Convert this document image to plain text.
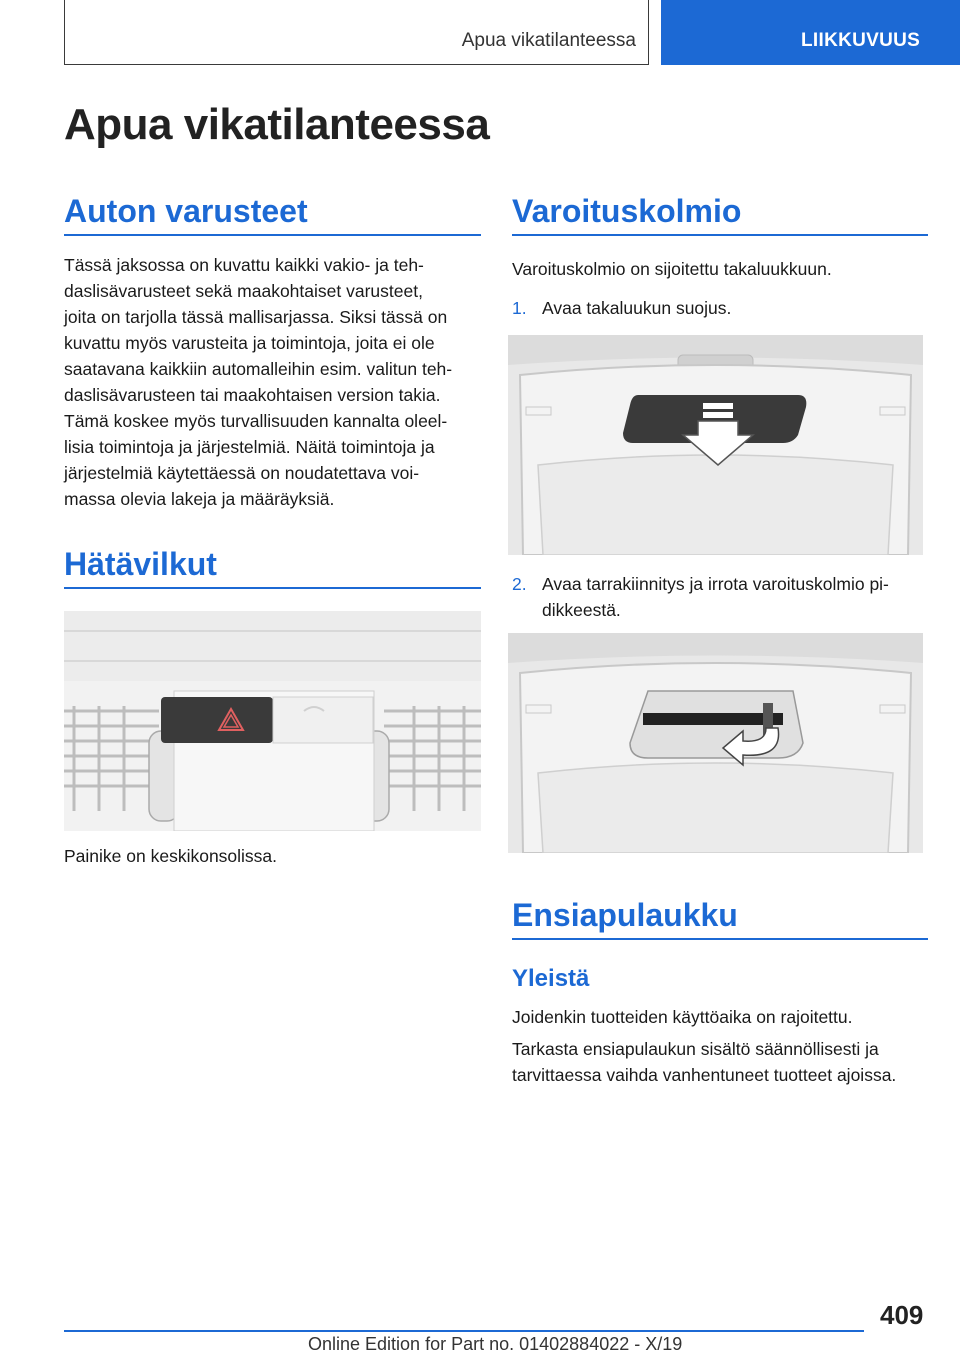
Apua vikatilanteessa	LIIKKUVUUS
Apua vikatilanteessa
Auton varusteet
Tässä jaksossa on kuvattu kaikki vakio- ja teh-
daslisävarusteet sekä maakohtaiset varusteet,
joita on tarjolla tässä mallisarjassa. Siksi tässä on
kuvattu myös varusteita ja toimintoja, joita ei ole
saatavana kaikkiin automalleihin esim. valitun teh-
daslisävarusteen tai maakohtaisen version takia.
Tämä koskee myös turvallisuuden kannalta oleel-
lisia toimintoja ja järjestelmiä. Näitä toimintoja ja
järjestelmiä käytettäessä on noudatettava voi-
massa olevia lakeja ja määräyksiä.
Hätävilkut

Painike on keskikonsolissa.

Varoituskolmio

Varoituskolmio on sijoitettu takaluukkuun.

1. Avaa takaluukun suojus.
2. Avaa tarrakiinnitys ja irrota varoituskolmio pi-
dikkeestä.
Ensiapulaukku
Yleistä

Joidenkin tuotteiden käyttöaika on rajoitettu.

Tarkasta ensiapulaukun sisältö säännöllisesti ja
tarvittaessa vaihda vanhentuneet tuotteet ajoissa.
409
Online Edition for Part no. 01402884022 - X/19
